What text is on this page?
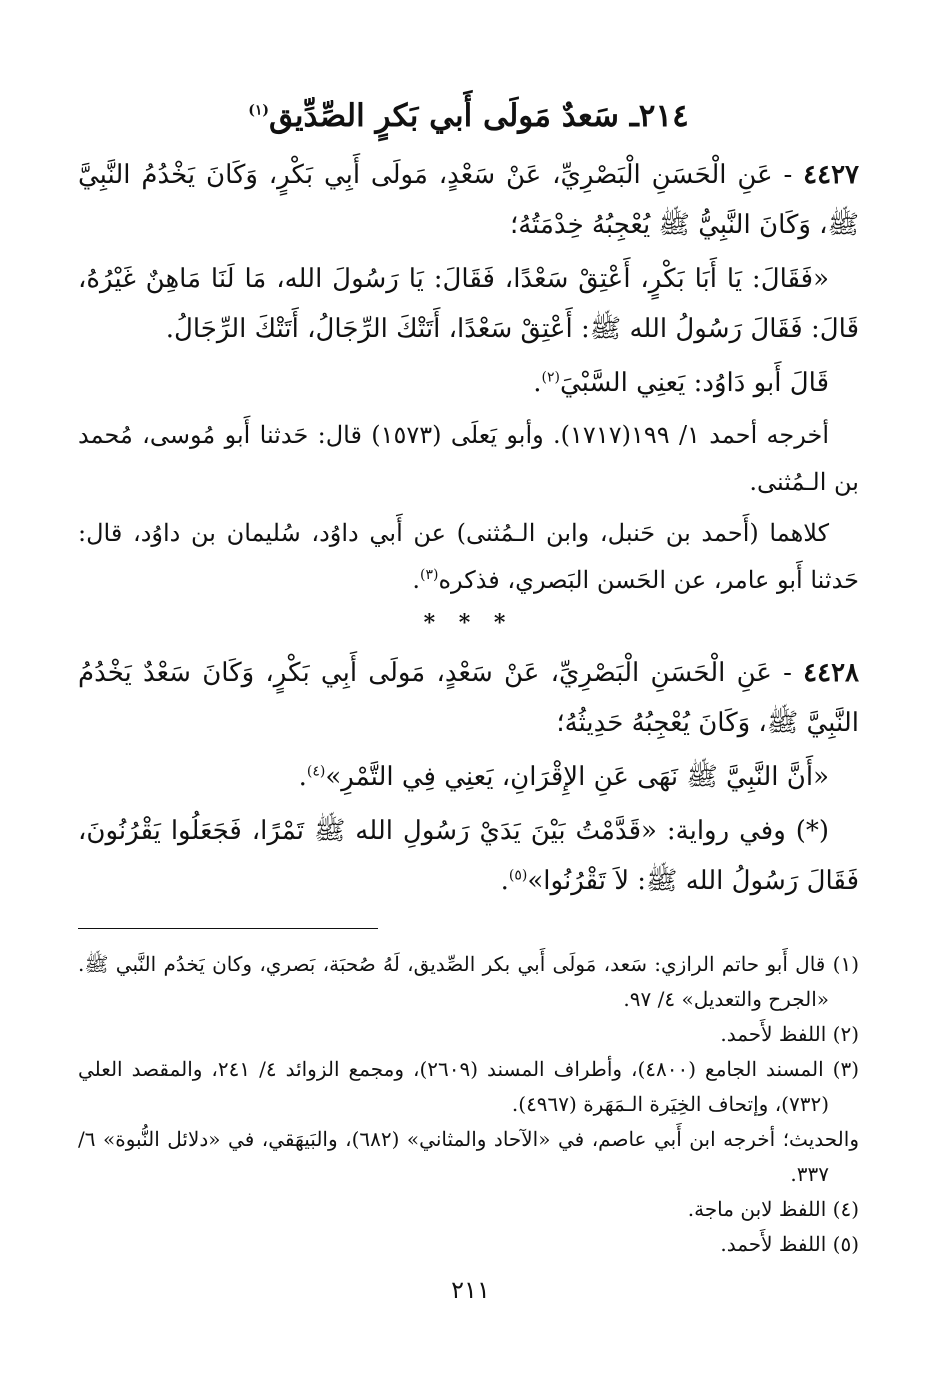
٢١٤ـ سَعدٌ مَولَى أَبي بَكرٍ الصِّدِّيق$^{(١)}$

٤٤٢٧ - عَنِ الْحَسَنِ الْبَصْرِيِّ، عَنْ سَعْدٍ، مَولَى أَبِي بَكْرٍ، وَكَانَ يَخْدُمُ النَّبِيَّ ﷺ، وَكَانَ النَّبِيُّ ﷺ يُعْجِبُهُ خِدْمَتُهُ؛

«فَقَالَ: يَا أَبَا بَكْرٍ، أَعْتِقْ سَعْدًا، فَقَالَ: يَا رَسُولَ الله، مَا لَنَا مَاهِنٌ غَيْرُهُ، قَالَ: فَقَالَ رَسُولُ الله ﷺ: أَعْتِقْ سَعْدًا، أَتَتْكَ الرِّجَالُ، أَتَتْكَ الرِّجَالُ.

قَالَ أَبو دَاوُد: يَعنِي السَّبْيَ$^{(٢)}$.

أخرجه أحمد ١/ ١٩٩(١٧١٧). وأبو يَعلَى (١٥٧٣) قال: حَدثنا أَبو مُوسى، مُحمد بن الـمُثنى.

كلاهما (أَحمد بن حَنبل، وابن الـمُثنى) عن أَبي داوُد، سُليمان بن داوُد، قال: حَدثنا أَبو عامر، عن الحَسن البَصري، فذكره$^{(٣)}$.

* * *

٤٤٢٨ - عَنِ الْحَسَنِ الْبَصْرِيِّ، عَنْ سَعْدٍ، مَولَى أَبِي بَكْرٍ، وَكَانَ سَعْدٌ يَخْدُمُ النَّبِيَّ ﷺ، وَكَانَ يُعْجِبُهُ حَدِيثُهُ؛

«أَنَّ النَّبِيَّ ﷺ نَهَى عَنِ الإِقْرَانِ، يَعنِي فِي التَّمْرِ»$^{(٤)}$.

(*) وفي رواية: «قَدَّمْتُ بَيْنَ يَدَيْ رَسُولِ الله ﷺ تَمْرًا، فَجَعَلُوا يَقْرُنُونَ، فَقَالَ رَسُولُ الله ﷺ: لاَ تَقْرُنُوا»$^{(٥)}$.

(١) قال أَبو حاتم الرازي: سَعد، مَولَى أَبي بكر الصِّديق، لَهُ صُحبَة، بَصري، وكان يَخدُم النَّبي ﷺ. «الجرح والتعديل» ٤/ ٩٧.

(٢) اللفظ لأَحمد.

(٣) المسند الجامع (٤٨٠٠)، وأطراف المسند (٢٦٠٩)، ومجمع الزوائد ٤/ ٢٤١، والمقصد العلي (٧٣٢)، وإتحاف الخِيَرة الـمَهَرة (٤٩٦٧).

والحديث؛ أخرجه ابن أَبي عاصم، في «الآحاد والمثاني» (٦٨٢)، والبَيهَقي، في «دلائل النُّبوة» ٦/ ٣٣٧.

(٤) اللفظ لابن ماجة.

(٥) اللفظ لأَحمد.

٢١١
